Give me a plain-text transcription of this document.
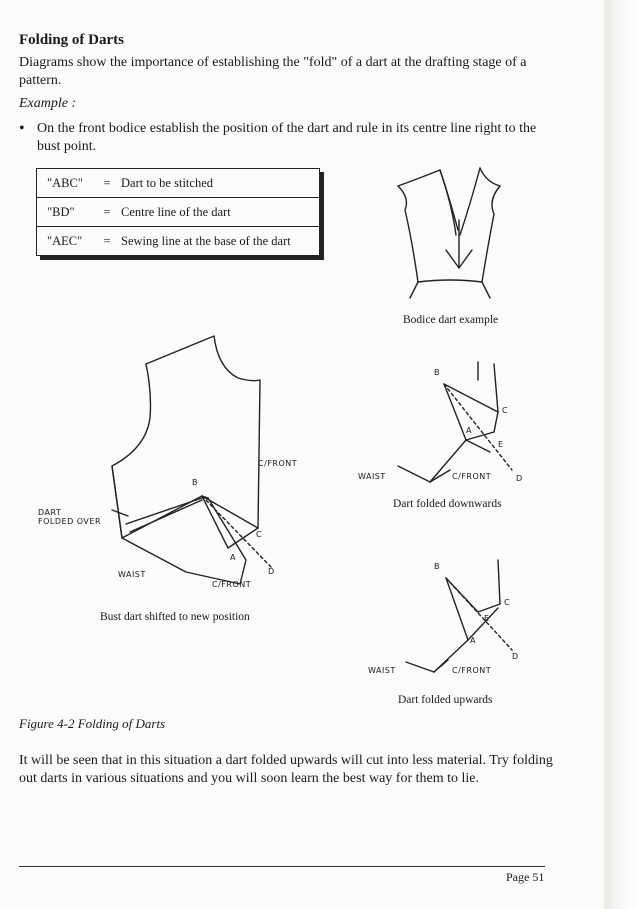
Folding of Darts
Diagrams show the importance of establishing the "fold" of a dart at the drafting stage of a pattern.
Example :
• On the front bodice establish the position of the dart and rule in its centre line right to the bust point.
"ABC"	= Dart to be stitched
"BD"	= Centre line of the dart
"AEC"	= Sewing line at the base of the dart
C/FRONT
B
C
A
D
WAIST
C/FRONT
DART
FOLDED OVER
B
C
A
E
WAIST	C/FRONT	D
B
C
E
A
D
WAIST	C/FRONT
Bodice dart example
Dart folded downwards
Bust dart shifted to new position
Dart folded upwards
Figure 4-2 Folding of Darts
It will be seen that in this situation a dart folded upwards will cut into less material. Try folding out darts in various situations and you will soon learn the best way for them to lie.
Page 51
